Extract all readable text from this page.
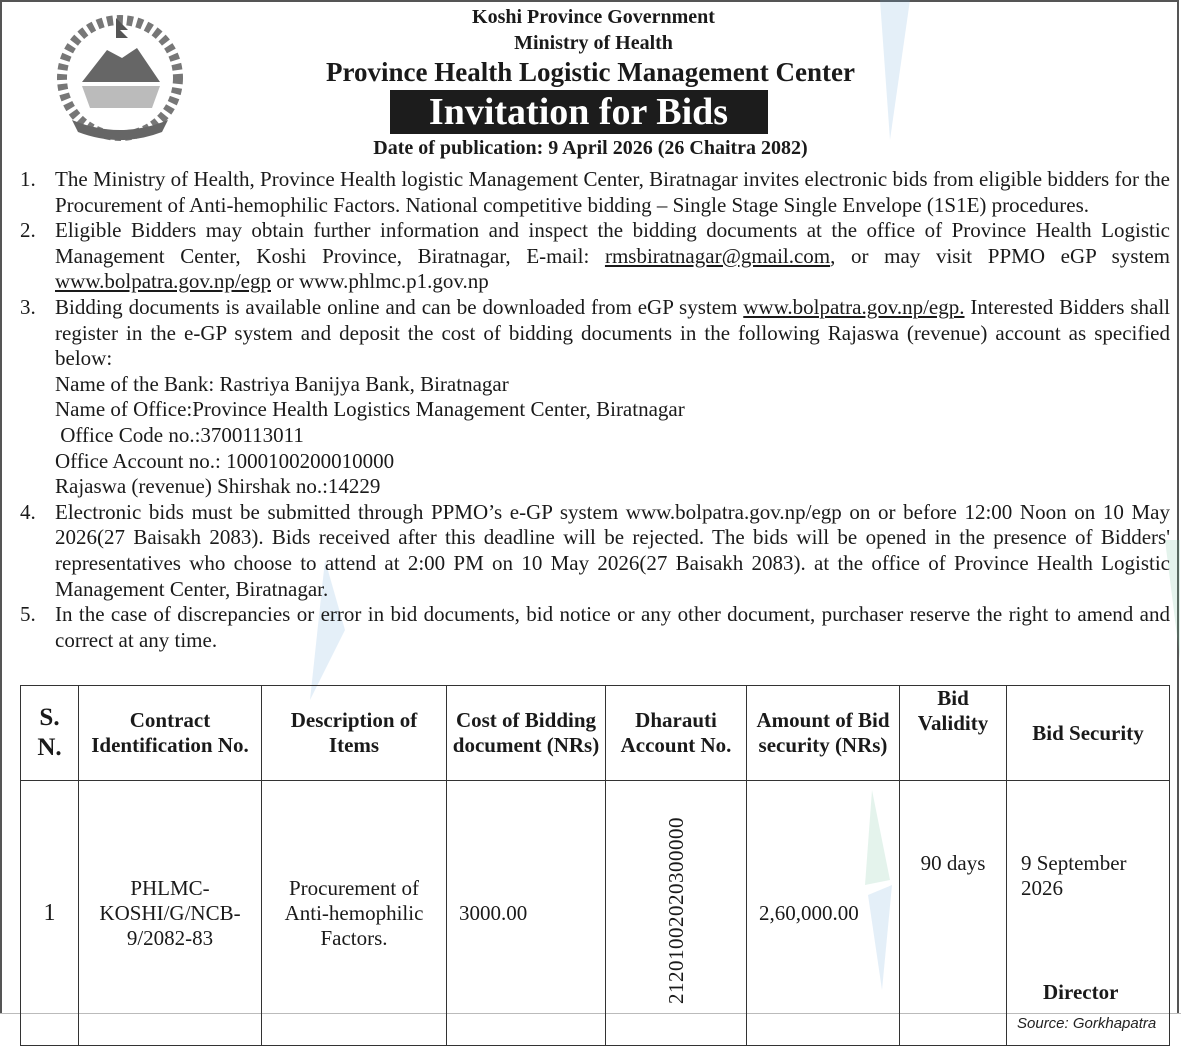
Koshi Province Government
Ministry of Health
Province Health Logistic Management Center
Invitation for Bids
Date of publication: 9 April 2026 (26 Chaitra 2082)
1. The Ministry of Health, Province Health logistic Management Center, Biratnagar invites electronic bids from eligible bidders for the Procurement of Anti-hemophilic Factors. National competitive bidding – Single Stage Single Envelope (1S1E) procedures.
2. Eligible Bidders may obtain further information and inspect the bidding documents at the office of Province Health Logistic Management Center, Koshi Province, Biratnagar, E-mail: rmsbiratnagar@gmail.com, or may visit PPMO eGP system www.bolpatra.gov.np/egp or www.phlmc.p1.gov.np
3. Bidding documents is available online and can be downloaded from eGP system www.bolpatra.gov.np/egp. Interested Bidders shall register in the e-GP system and deposit the cost of bidding documents in the following Rajaswa (revenue) account as specified below:
Name of the Bank: Rastriya Banijya Bank, Biratnagar
Name of Office:Province Health Logistics Management Center, Biratnagar
Office Code no.:3700113011
Office Account no.: 1000100200010000
Rajaswa (revenue) Shirshak no.:14229
4. Electronic bids must be submitted through PPMO’s e-GP system www.bolpatra.gov.np/egp on or before 12:00 Noon on 10 May 2026(27 Baisakh 2083). Bids received after this deadline will be rejected. The bids will be opened in the presence of Bidders' representatives who choose to attend at 2:00 PM on 10 May 2026(27 Baisakh 2083). at the office of Province Health Logistic Management Center, Biratnagar.
5. In the case of discrepancies or error in bid documents, bid notice or any other document, purchaser reserve the right to amend and correct at any time.
S. N.	Contract Identification No.	Description of Items	Cost of Bidding document (NRs)	Dharauti Account No.	Amount of Bid security (NRs)	Bid Validity	Bid Security
1	PHLMC-KOSHI/G/NCB-9/2082-83	Procurement of Anti-hemophilic Factors.	3000.00	21201002020300000	2,60,000.00	90 days	9 September 2026
Director
Source: Gorkhapatra
